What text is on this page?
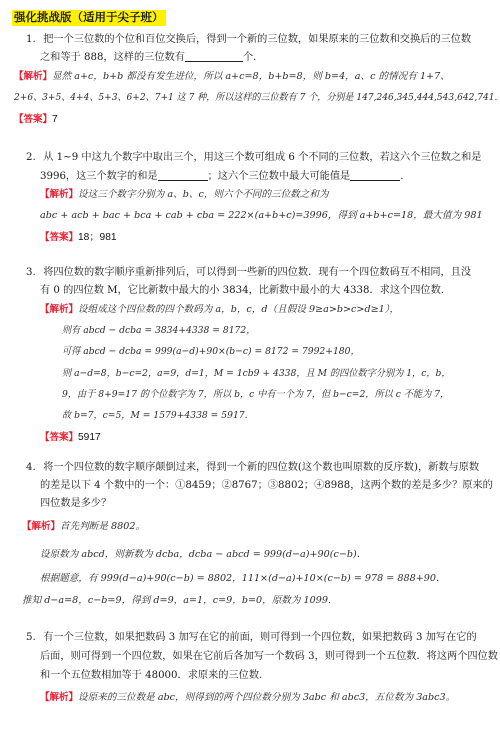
强化挑战版（适用于尖子班）
1. 把一个三位数的个位和百位交换后，得到一个新的三位数，如果原来的三位数和交换后的三位数
之和等于 888，这样的三位数有	个.
【解析】显然 a+c，b+b 都没有发生进位，所以 a+c=8，b+b=8，则 b=4，a、c 的情况有 1+7、
2+6、3+5、4+4、5+3、6+2、7+1 这 7 种，所以这样的三位数有 7 个，分别是 147,246,345,444,543,642,741.
【答案】7
2. 从 1~9 中这九个数字中取出三个，用这三个数可组成 6 个不同的三位数，若这六个三位数之和是
3996，这三个数字的和是	；这六个三位数中最大可能值是	.
【解析】设这三个数字分别为 a、b、c，则六个不同的三位数之和为
abc + acb + bac + bca + cab + cba = 222×(a+b+c)=3996，得到 a+b+c=18，最大值为 981
【答案】18；981
3. 将四位数的数字顺序重新排列后，可以得到一些新的四位数．现有一个四位数码互不相同，且没
有 0 的四位数 M，它比新数中最大的小 3834，比新数中最小的大 4338．求这个四位数.
【解析】设组成这个四位数的四个数码为 a，b，c，d（且假设 9≥a>b>c>d≥1），
则有 abcd − dcba = 3834+4338 = 8172，
可得 abcd − dcba = 999(a−d)+90×(b−c) = 8172 = 7992+180，
则 a−d=8，b−c=2，a=9，d=1，M = 1cb9 + 4338，且 M 的四位数字分别为 1，c，b，
9，由于 8+9=17 的个位数字为 7，所以 b，c 中有一个为 7，但 b−c=2，所以 c 不能为 7，
故 b=7，c=5，M = 1579+4338 = 5917.
【答案】5917
4. 将一个四位数的数字顺序颠倒过来，得到一个新的四位数(这个数也叫原数的反序数)，新数与原数
的差是以下 4 个数中的一个：①8459；②8767；③8802；④8988，这两个数的差是多少？原来的
四位数是多少？
【解析】首先判断是 8802。
设原数为 abcd，则新数为 dcba，dcba − abcd = 999(d−a)+90(c−b)．
根据题意，有 999(d−a)+90(c−b) = 8802，111×(d−a)+10×(c−b) = 978 = 888+90．
推知 d−a=8，c−b=9，得到 d=9，a=1，c=9，b=0，原数为 1099.
5. 有一个三位数，如果把数码 3 加写在它的前面，则可得到一个四位数，如果把数码 3 加写在它的
后面，则可得到一个四位数，如果在它前后各加写一个数码 3，则可得到一个五位数．将这两个四位数
和一个五位数相加等于 48000．求原来的三位数.
【解析】设原来的三位数是 abc，则得到的两个四位数分别为 3abc 和 abc3，五位数为 3abc3。
